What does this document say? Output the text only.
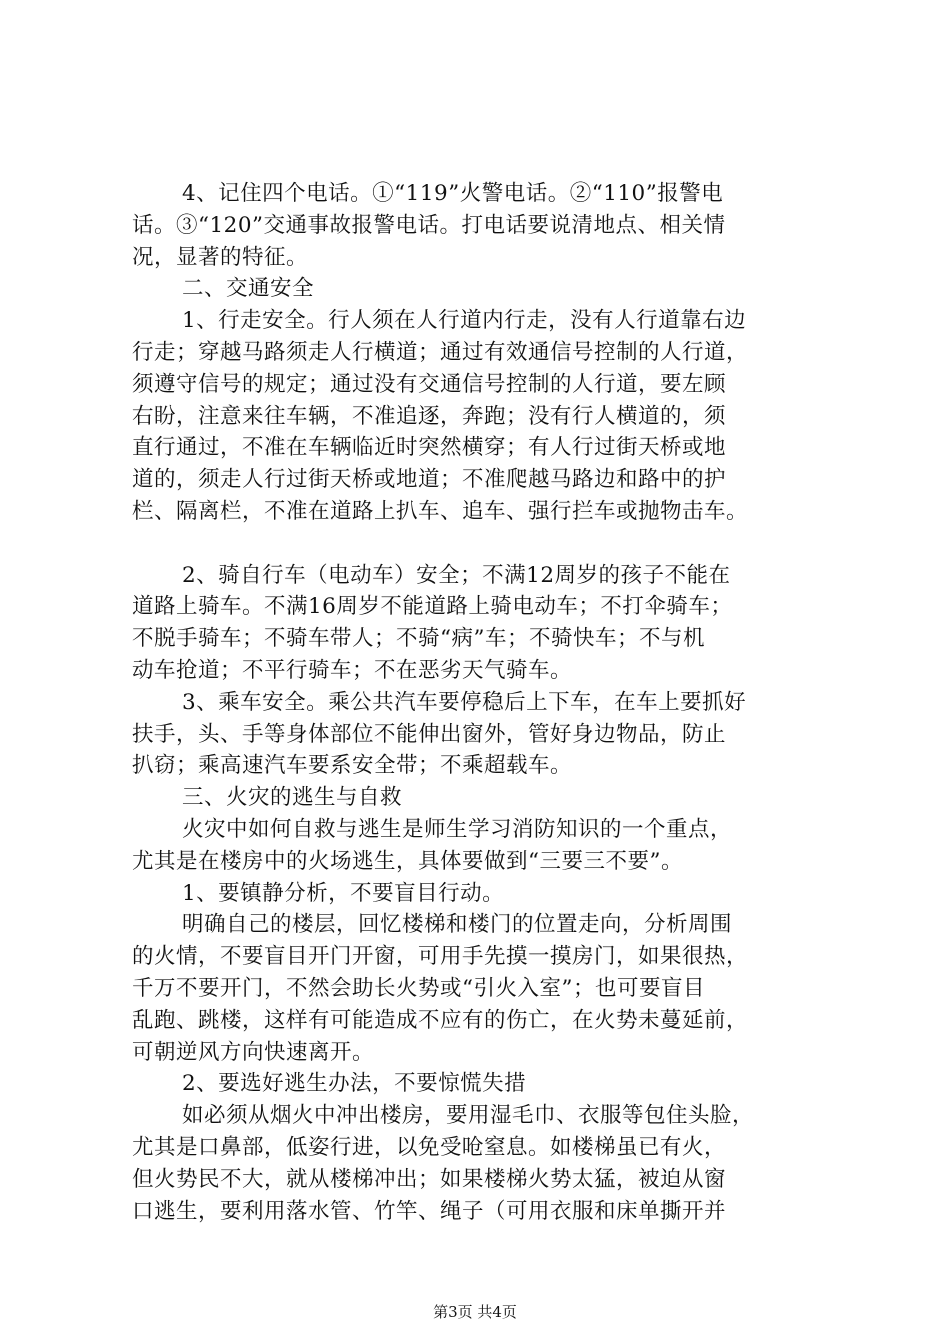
4、记住四个电话。①“119”火警电话。②“110”报警电
话。③“120”交通事故报警电话。打电话要说清地点、相关情
况，显著的特征。
二、交通安全
1、行走安全。行人须在人行道内行走，没有人行道靠右边
行走；穿越马路须走人行横道；通过有效通信号控制的人行道，
须遵守信号的规定；通过没有交通信号控制的人行道，要左顾
右盼，注意来往车辆，不准追逐，奔跑；没有行人横道的，须
直行通过，不准在车辆临近时突然横穿；有人行过街天桥或地
道的，须走人行过街天桥或地道；不准爬越马路边和路中的护
栏、隔离栏，不准在道路上扒车、追车、强行拦车或抛物击车。
2、骑自行车（电动车）安全；不满12周岁的孩子不能在
道路上骑车。不满16周岁不能道路上骑电动车；不打伞骑车；
不脱手骑车；不骑车带人；不骑“病”车；不骑快车；不与机
动车抢道；不平行骑车；不在恶劣天气骑车。
3、乘车安全。乘公共汽车要停稳后上下车，在车上要抓好
扶手，头、手等身体部位不能伸出窗外，管好身边物品，防止
扒窃；乘高速汽车要系安全带；不乘超载车。
三、火灾的逃生与自救
火灾中如何自救与逃生是师生学习消防知识的一个重点，
尤其是在楼房中的火场逃生，具体要做到“三要三不要”。
1、要镇静分析，不要盲目行动。
明确自己的楼层，回忆楼梯和楼门的位置走向，分析周围
的火情，不要盲目开门开窗，可用手先摸一摸房门，如果很热，
千万不要开门，不然会助长火势或“引火入室”；也可要盲目
乱跑、跳楼，这样有可能造成不应有的伤亡，在火势未蔓延前，
可朝逆风方向快速离开。
2、要选好逃生办法，不要惊慌失措
如必须从烟火中冲出楼房，要用湿毛巾、衣服等包住头脸，
尤其是口鼻部，低姿行进，以免受呛窒息。如楼梯虽已有火，
但火势民不大，就从楼梯冲出；如果楼梯火势太猛，被迫从窗
口逃生，要利用落水管、竹竿、绳子（可用衣服和床单撕开并
第3页 共4页
